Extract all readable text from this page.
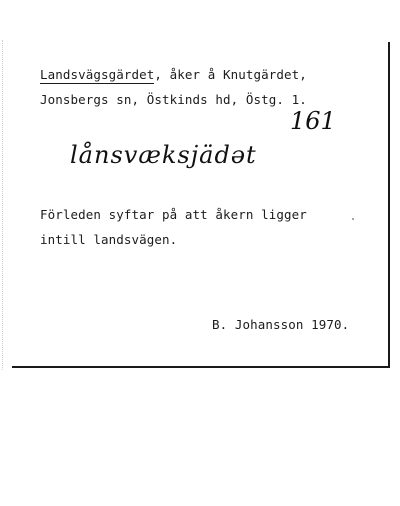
Landsvägsgärdet, åker å Knutgärdet,
Jonsbergs sn, Östkinds hd, Östg. 1.
161
lånsvæksjädət
Förleden syftar på att åkern ligger
intill landsvägen.
B. Johansson 1970.
